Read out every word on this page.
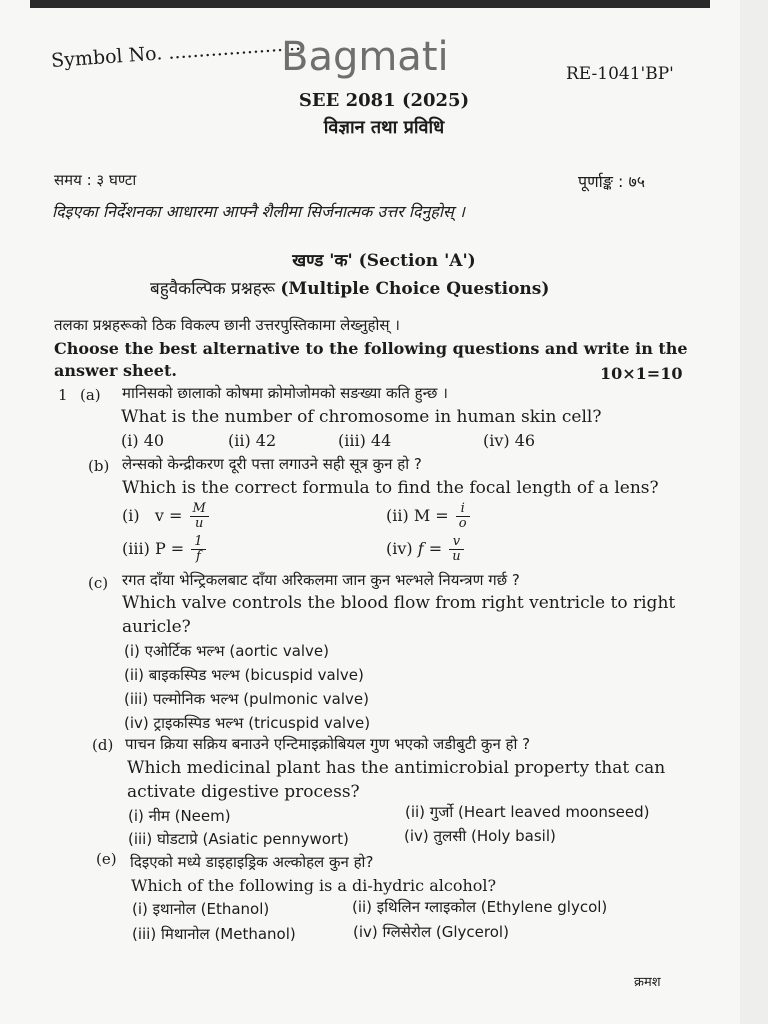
Symbol No. ......................
Bagmati	RE-1041'BP'
SEE 2081 (2025)
विज्ञान तथा प्रविधि
समय : ३ घण्टा	पूर्णाङ्क : ७५
दिइएका निर्देशनका आधारमा आफ्नै शैलीमा सिर्जनात्मक उत्तर दिनुहोस् ।
खण्ड 'क' (Section 'A')
बहुवैकल्पिक प्रश्नहरू (Multiple Choice Questions)
तलका प्रश्नहरूको ठिक विकल्प छानी उत्तरपुस्तिकामा लेख्नुहोस् ।
Choose the best alternative to the following questions and write in the
answer sheet.	10×1=10
1 (a) मानिसको छालाको कोषमा क्रोमोजोमको सङख्या कति हुन्छ ।
What is the number of chromosome in human skin cell?
(i) 40	(ii) 42	(iii) 44	(iv) 46
(b) लेन्सको केन्द्रीकरण दूरी पत्ता लगाउने सही सूत्र कुन हो ?
Which is the correct formula to find the focal length of a lens?
(i) $v = \frac{M}{u}$	(ii) $M = \frac{i}{o}$
(iii) $P = \frac{1}{f}$	(iv) $f = \frac{v}{u}$
(c) रगत दाँया भेन्ट्रिकलबाट दाँया अरिकलमा जान कुन भल्भले नियन्त्रण गर्छ ?
Which valve controls the blood flow from right ventricle to right
auricle?
(i) एओर्टिक भल्भ (aortic valve)
(ii) बाइकस्पिड भल्भ (bicuspid valve)
(iii) पल्मोनिक भल्भ (pulmonic valve)
(iv) ट्राइकस्पिड भल्भ (tricuspid valve)
(d) पाचन क्रिया सक्रिय बनाउने एन्टिमाइक्रोबियल गुण भएको जडीबुटी कुन हो ?
Which medicinal plant has the antimicrobial property that can
activate digestive process?
(i) नीम (Neem)	(ii) गुर्जो (Heart leaved moonseed)
(iii) घोडटाप्रे (Asiatic pennywort)	(iv) तुलसी (Holy basil)
(e) दिइएको मध्ये डाइहाइड्रिक अल्कोहल कुन हो?
Which of the following is a di-hydric alcohol?
(i) इथानोल (Ethanol)	(ii) इथिलिन ग्लाइकोल (Ethylene glycol)
(iii) मिथानोल (Methanol)	(iv) ग्लिसेरोल (Glycerol)
क्रमश
